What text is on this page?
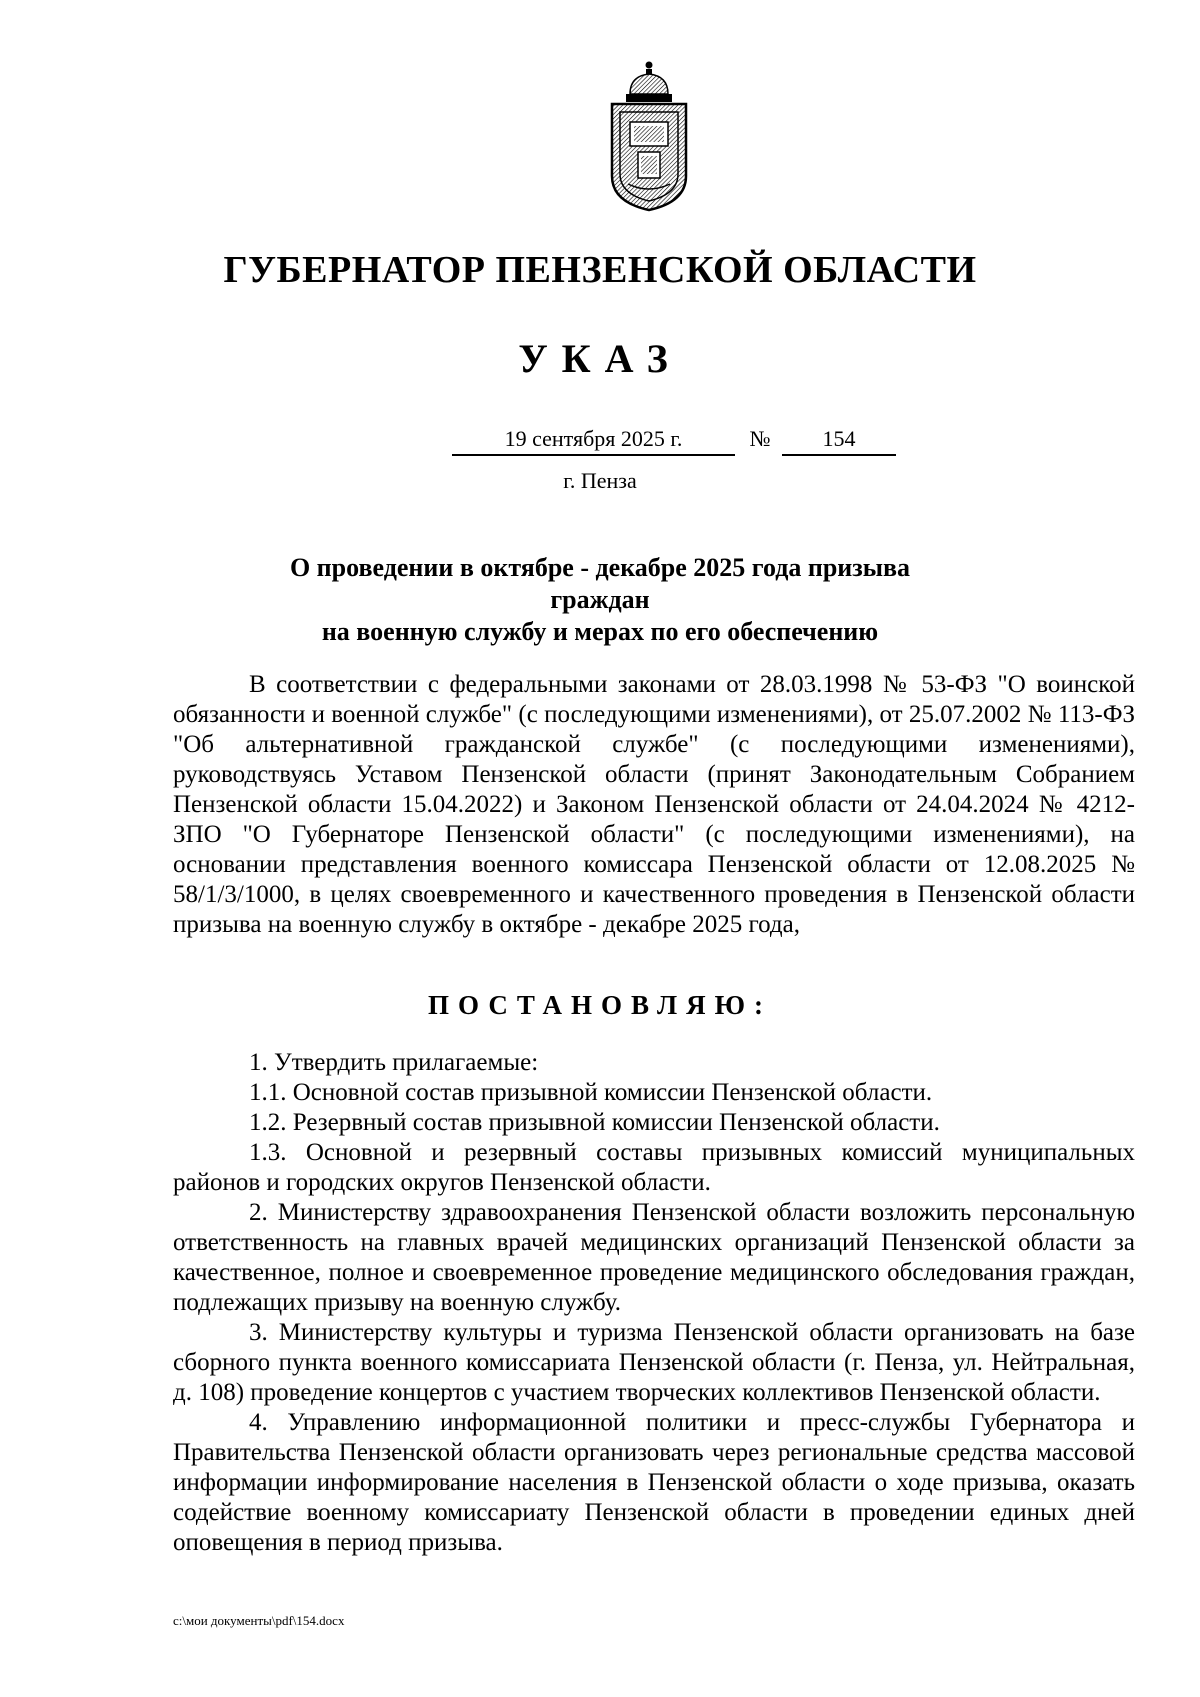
ГУБЕРНАТОР ПЕНЗЕНСКОЙ ОБЛАСТИ
УКАЗ
19 сентября 2025 г.	№	154
г. Пенза
О проведении в октябре - декабре 2025 года призыва граждан
на военную службу и мерах по его обеспечению

В соответствии с федеральными законами от 28.03.1998 № 53-ФЗ "О воинской обязанности и военной службе" (с последующими изменениями), от 25.07.2002 № 113-ФЗ "Об альтернативной гражданской службе" (с последующими изменениями), руководствуясь Уставом Пензенской области (принят Законодательным Собранием Пензенской области 15.04.2022) и Законом Пензенской области от 24.04.2024 № 4212-ЗПО "О Губернаторе Пензенской области" (с последующими изменениями), на основании представления военного комиссара Пензенской области от 12.08.2025 № 58/1/3/1000, в целях своевременного и качественного проведения в Пензенской области призыва на военную службу в октябре - декабре 2025 года,

ПОСТАНОВЛЯЮ:

1. Утвердить прилагаемые:

1.1. Основной состав призывной комиссии Пензенской области.

1.2. Резервный состав призывной комиссии Пензенской области.

1.3. Основной и резервный составы призывных комиссий муниципальных районов и городских округов Пензенской области.

2. Министерству здравоохранения Пензенской области возложить персональную ответственность на главных врачей медицинских организаций Пензенской области за качественное, полное и своевременное проведение медицинского обследования граждан, подлежащих призыву на военную службу.

3. Министерству культуры и туризма Пензенской области организовать на базе сборного пункта военного комиссариата Пензенской области (г. Пенза, ул. Нейтральная, д. 108) проведение концертов с участием творческих коллективов Пензенской области.

4. Управлению информационной политики и пресс-службы Губернатора и Правительства Пензенской области организовать через региональные средства массовой информации информирование населения в Пензенской области о ходе призыва, оказать содействие военному комиссариату Пензенской области в проведении единых дней оповещения в период призыва.

c:\мои документы\pdf\154.docx
